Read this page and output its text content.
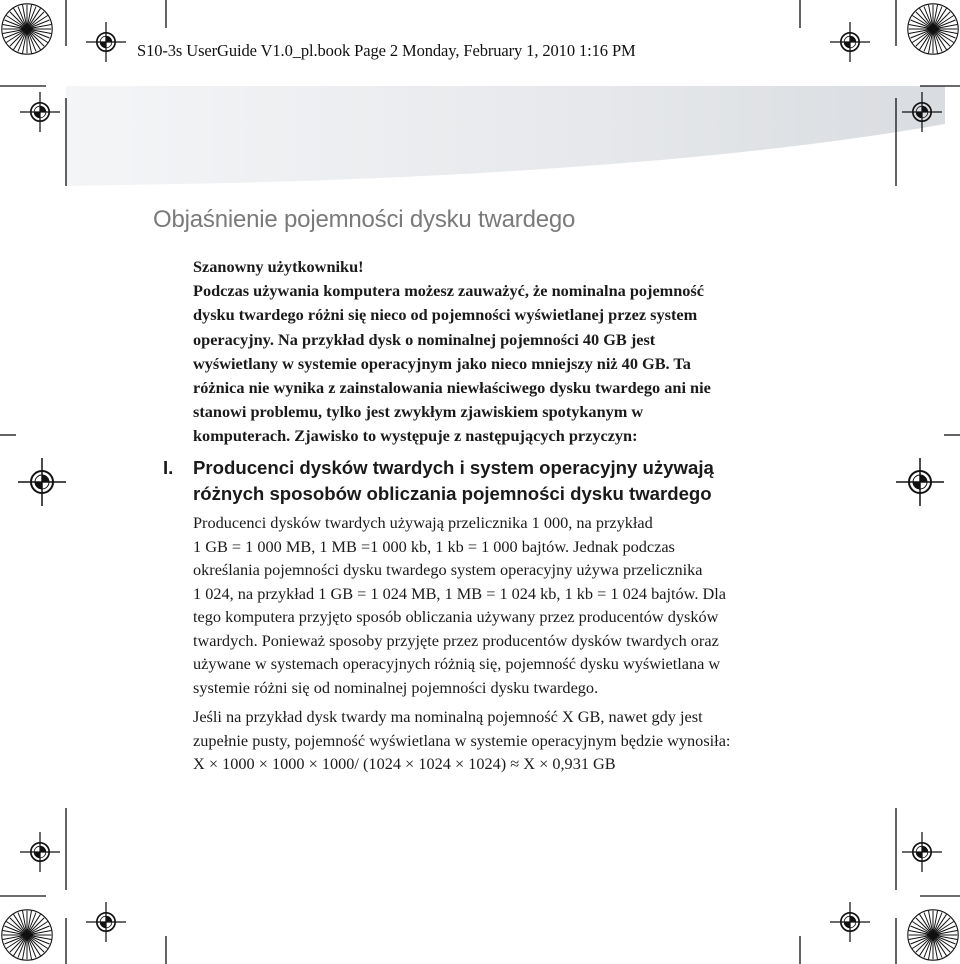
S10-3s UserGuide V1.0_pl.book Page 2 Monday, February 1, 2010 1:16 PM
Objaśnienie pojemności dysku twardego

Szanowny użytkowniku!
Podczas używania komputera możesz zauważyć, że nominalna pojemność
dysku twardego różni się nieco od pojemności wyświetlanej przez system
operacyjny. Na przykład dysk o nominalnej pojemności 40 GB jest
wyświetlany w systemie operacyjnym jako nieco mniejszy niż 40 GB. Ta
różnica nie wynika z zainstalowania niewłaściwego dysku twardego ani nie
stanowi problemu, tylko jest zwykłym zjawiskiem spotykanym w
komputerach. Zjawisko to występuje z następujących przyczyn:

I.	Producenci dysków twardych i system operacyjny używają
różnych sposobów obliczania pojemności dysku twardego

Producenci dysków twardych używają przelicznika 1 000, na przykład
1 GB = 1 000 MB, 1 MB =1 000 kb, 1 kb = 1 000 bajtów. Jednak podczas
określania pojemności dysku twardego system operacyjny używa przelicznika
1 024, na przykład 1 GB = 1 024 MB, 1 MB = 1 024 kb, 1 kb = 1 024 bajtów. Dla
tego komputera przyjęto sposób obliczania używany przez producentów dysków
twardych. Ponieważ sposoby przyjęte przez producentów dysków twardych oraz
używane w systemach operacyjnych różnią się, pojemność dysku wyświetlana w
systemie różni się od nominalnej pojemności dysku twardego.

Jeśli na przykład dysk twardy ma nominalną pojemność X GB, nawet gdy jest
zupełnie pusty, pojemność wyświetlana w systemie operacyjnym będzie wynosiła:
X × 1000 × 1000 × 1000/ (1024 × 1024 × 1024) ≈ X × 0,931 GB
